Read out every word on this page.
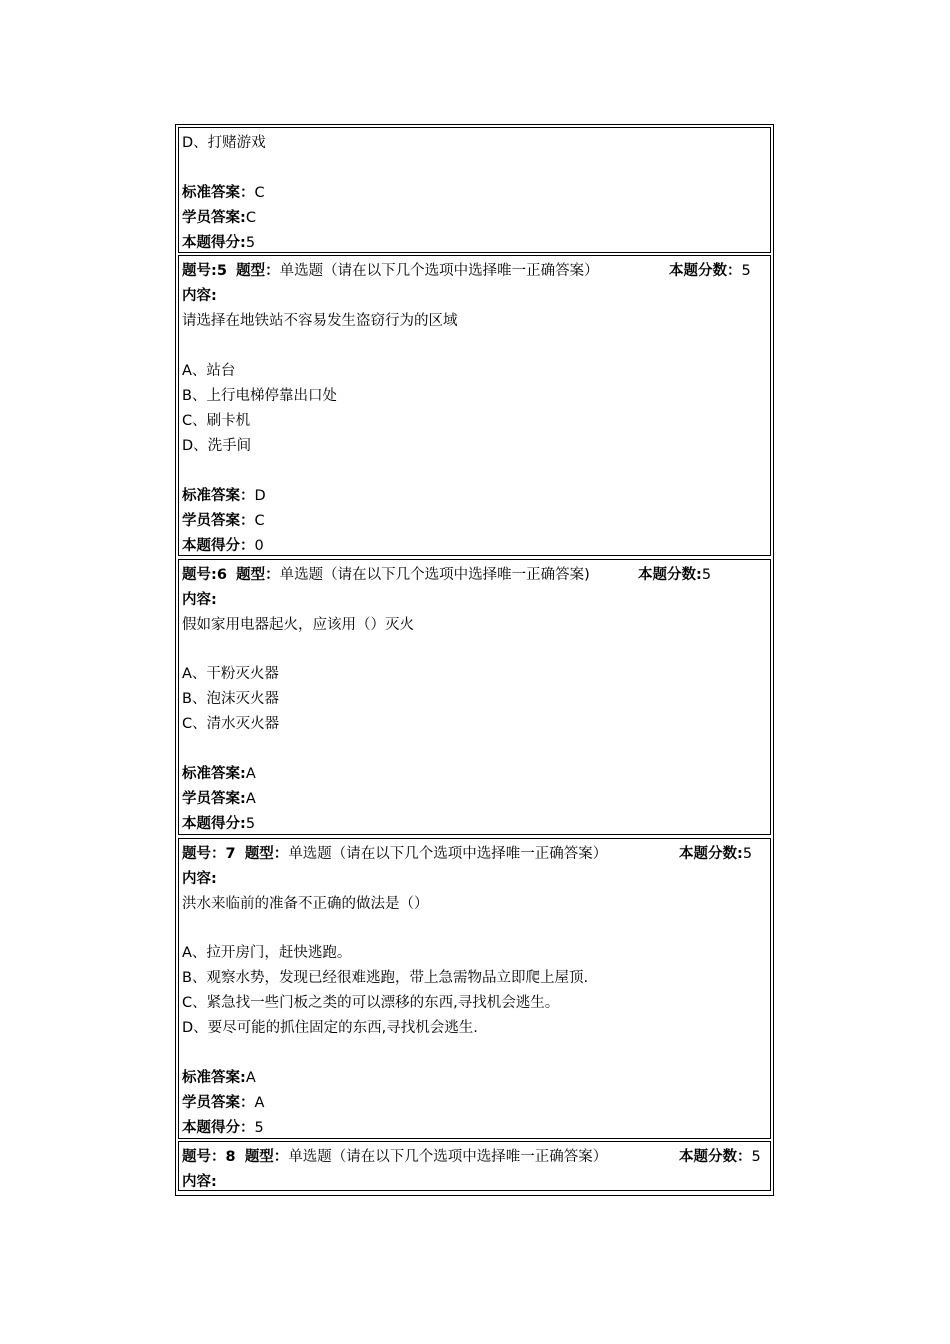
D、打赌游戏
标准答案：C
学员答案:C
本题得分:5
题号:5 题型：单选题（请在以下几个选项中选择唯一正确答案）	本题分数：5
内容:
请选择在地铁站不容易发生盗窃行为的区域
A、站台
B、上行电梯停靠出口处
C、刷卡机
D、洗手间
标准答案：D
学员答案：C
本题得分：0
题号:6 题型：单选题（请在以下几个选项中选择唯一正确答案)	本题分数:5
内容:
假如家用电器起火，应该用（）灭火
A、干粉灭火器
B、泡沫灭火器
C、清水灭火器
标准答案:A
学员答案:A
本题得分:5
题号：7 题型：单选题（请在以下几个选项中选择唯一正确答案）	本题分数:5
内容:
洪水来临前的准备不正确的做法是（）
A、拉开房门，赶快逃跑。
B、观察水势，发现已经很难逃跑，带上急需物品立即爬上屋顶.
C、紧急找一些门板之类的可以漂移的东西,寻找机会逃生。
D、要尽可能的抓住固定的东西,寻找机会逃生.
标准答案:A
学员答案：A
本题得分：5
题号：8 题型：单选题（请在以下几个选项中选择唯一正确答案）	本题分数：5
内容:
